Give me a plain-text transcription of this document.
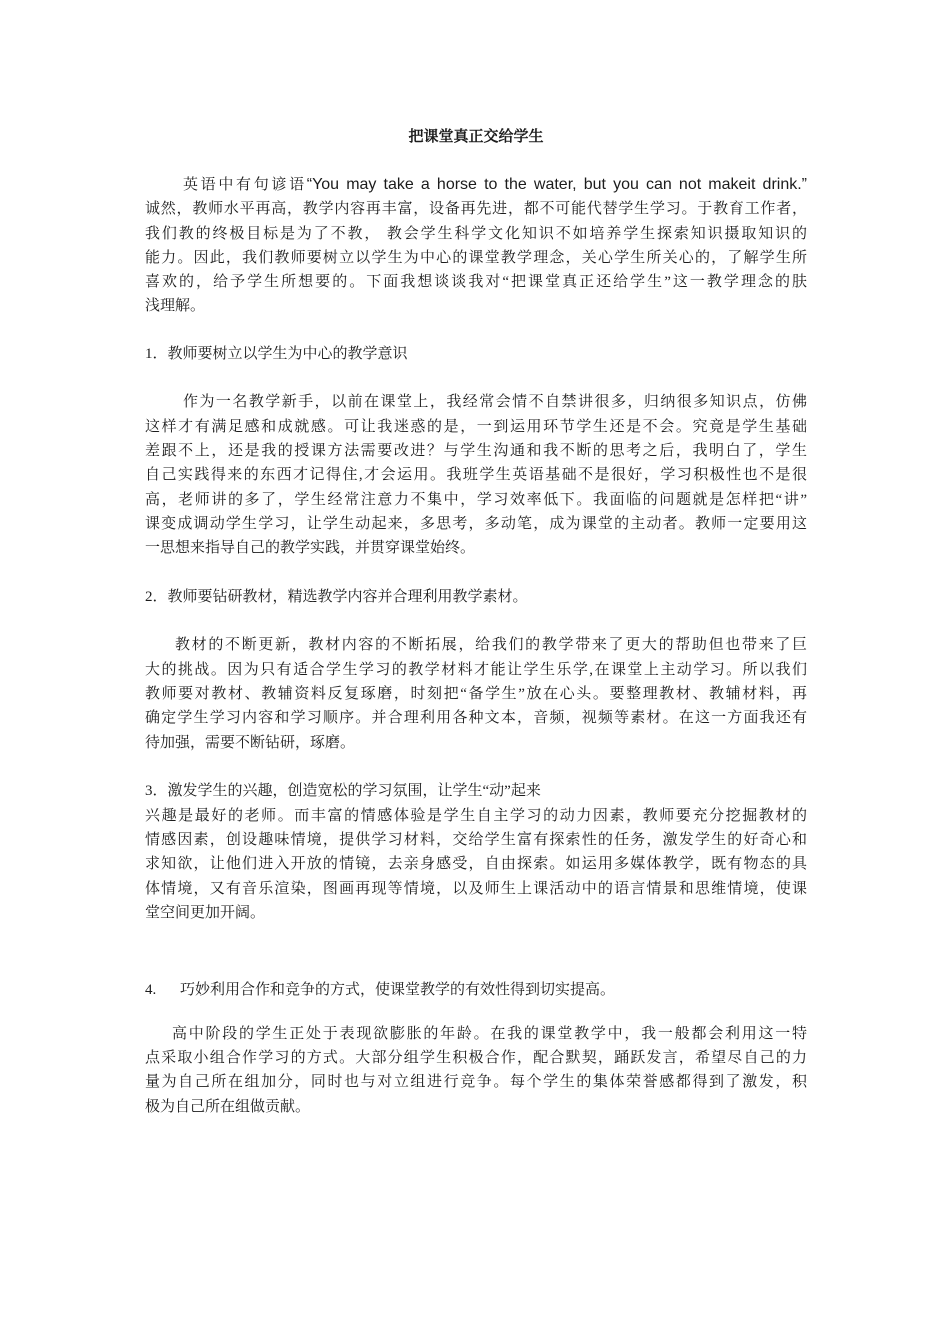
把课堂真正交给学生
英语中有句谚语“You may take a horse to the water, but you can not makeit drink.”
诚然，教师水平再高，教学内容再丰富，设备再先进，都不可能代替学生学习。于教育工作者，
我们教的终极目标是为了不教， 教会学生科学文化知识不如培养学生探索知识摄取知识的
能力。因此，我们教师要树立以学生为中心的课堂教学理念，关心学生所关心的，了解学生所
喜欢的，给予学生所想要的。下面我想谈谈我对“把课堂真正还给学生”这一教学理念的肤
浅理解。
1．教师要树立以学生为中心的教学意识
作为一名教学新手，以前在课堂上，我经常会情不自禁讲很多，归纳很多知识点，仿佛
这样才有满足感和成就感。可让我迷惑的是，一到运用环节学生还是不会。究竟是学生基础
差跟不上，还是我的授课方法需要改进？与学生沟通和我不断的思考之后，我明白了，学生
自己实践得来的东西才记得住,才会运用。我班学生英语基础不是很好，学习积极性也不是很
高，老师讲的多了，学生经常注意力不集中，学习效率低下。我面临的问题就是怎样把“讲”
课变成调动学生学习，让学生动起来，多思考，多动笔，成为课堂的主动者。教师一定要用这
一思想来指导自己的教学实践，并贯穿课堂始终。
2．教师要钻研教材，精选教学内容并合理利用教学素材。
教材的不断更新，教材内容的不断拓展，给我们的教学带来了更大的帮助但也带来了巨
大的挑战。因为只有适合学生学习的教学材料才能让学生乐学,在课堂上主动学习。所以我们
教师要对教材、教辅资料反复琢磨，时刻把“备学生”放在心头。要整理教材、教辅材料，再
确定学生学习内容和学习顺序。并合理利用各种文本，音频，视频等素材。在这一方面我还有
待加强，需要不断钻研，琢磨。
3．激发学生的兴趣，创造宽松的学习氛围，让学生“动”起来
兴趣是最好的老师。而丰富的情感体验是学生自主学习的动力因素，教师要充分挖掘教材的
情感因素，创设趣味情境，提供学习材料，交给学生富有探索性的任务，激发学生的好奇心和
求知欲，让他们进入开放的情镜，去亲身感受，自由探索。如运用多媒体教学，既有物态的具
体情境，又有音乐渲染，图画再现等情境，以及师生上课活动中的语言情景和思维情境，使课
堂空间更加开阔。
4. 巧妙利用合作和竞争的方式，使课堂教学的有效性得到切实提高。
高中阶段的学生正处于表现欲膨胀的年龄。在我的课堂教学中，我一般都会利用这一特
点采取小组合作学习的方式。大部分组学生积极合作，配合默契，踊跃发言，希望尽自己的力
量为自己所在组加分，同时也与对立组进行竞争。每个学生的集体荣誉感都得到了激发，积
极为自己所在组做贡献。
